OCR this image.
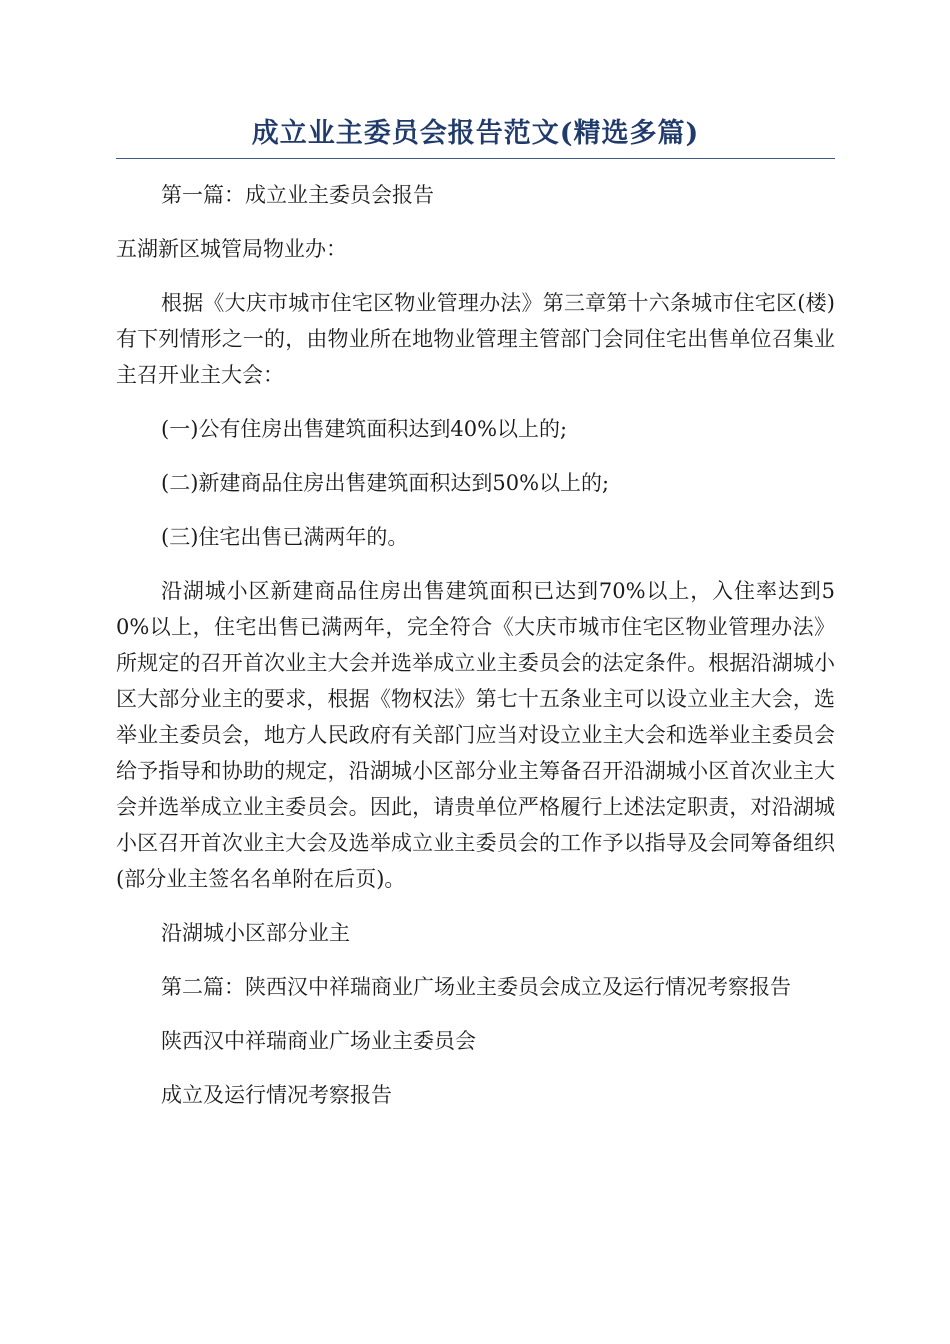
成立业主委员会报告范文(精选多篇)

第一篇：成立业主委员会报告

五湖新区城管局物业办：

根据《大庆市城市住宅区物业管理办法》第三章第十六条城市住宅区(楼)有下列情形之一的，由物业所在地物业管理主管部门会同住宅出售单位召集业主召开业主大会：

(一)公有住房出售建筑面积达到40%以上的;

(二)新建商品住房出售建筑面积达到50%以上的;

(三)住宅出售已满两年的。

沿湖城小区新建商品住房出售建筑面积已达到70%以上，入住率达到50%以上，住宅出售已满两年，完全符合《大庆市城市住宅区物业管理办法》所规定的召开首次业主大会并选举成立业主委员会的法定条件。根据沿湖城小区大部分业主的要求，根据《物权法》第七十五条业主可以设立业主大会，选举业主委员会，地方人民政府有关部门应当对设立业主大会和选举业主委员会给予指导和协助的规定，沿湖城小区部分业主筹备召开沿湖城小区首次业主大会并选举成立业主委员会。因此，请贵单位严格履行上述法定职责，对沿湖城小区召开首次业主大会及选举成立业主委员会的工作予以指导及会同筹备组织(部分业主签名名单附在后页)。

沿湖城小区部分业主

第二篇：陕西汉中祥瑞商业广场业主委员会成立及运行情况考察报告

陕西汉中祥瑞商业广场业主委员会

成立及运行情况考察报告
